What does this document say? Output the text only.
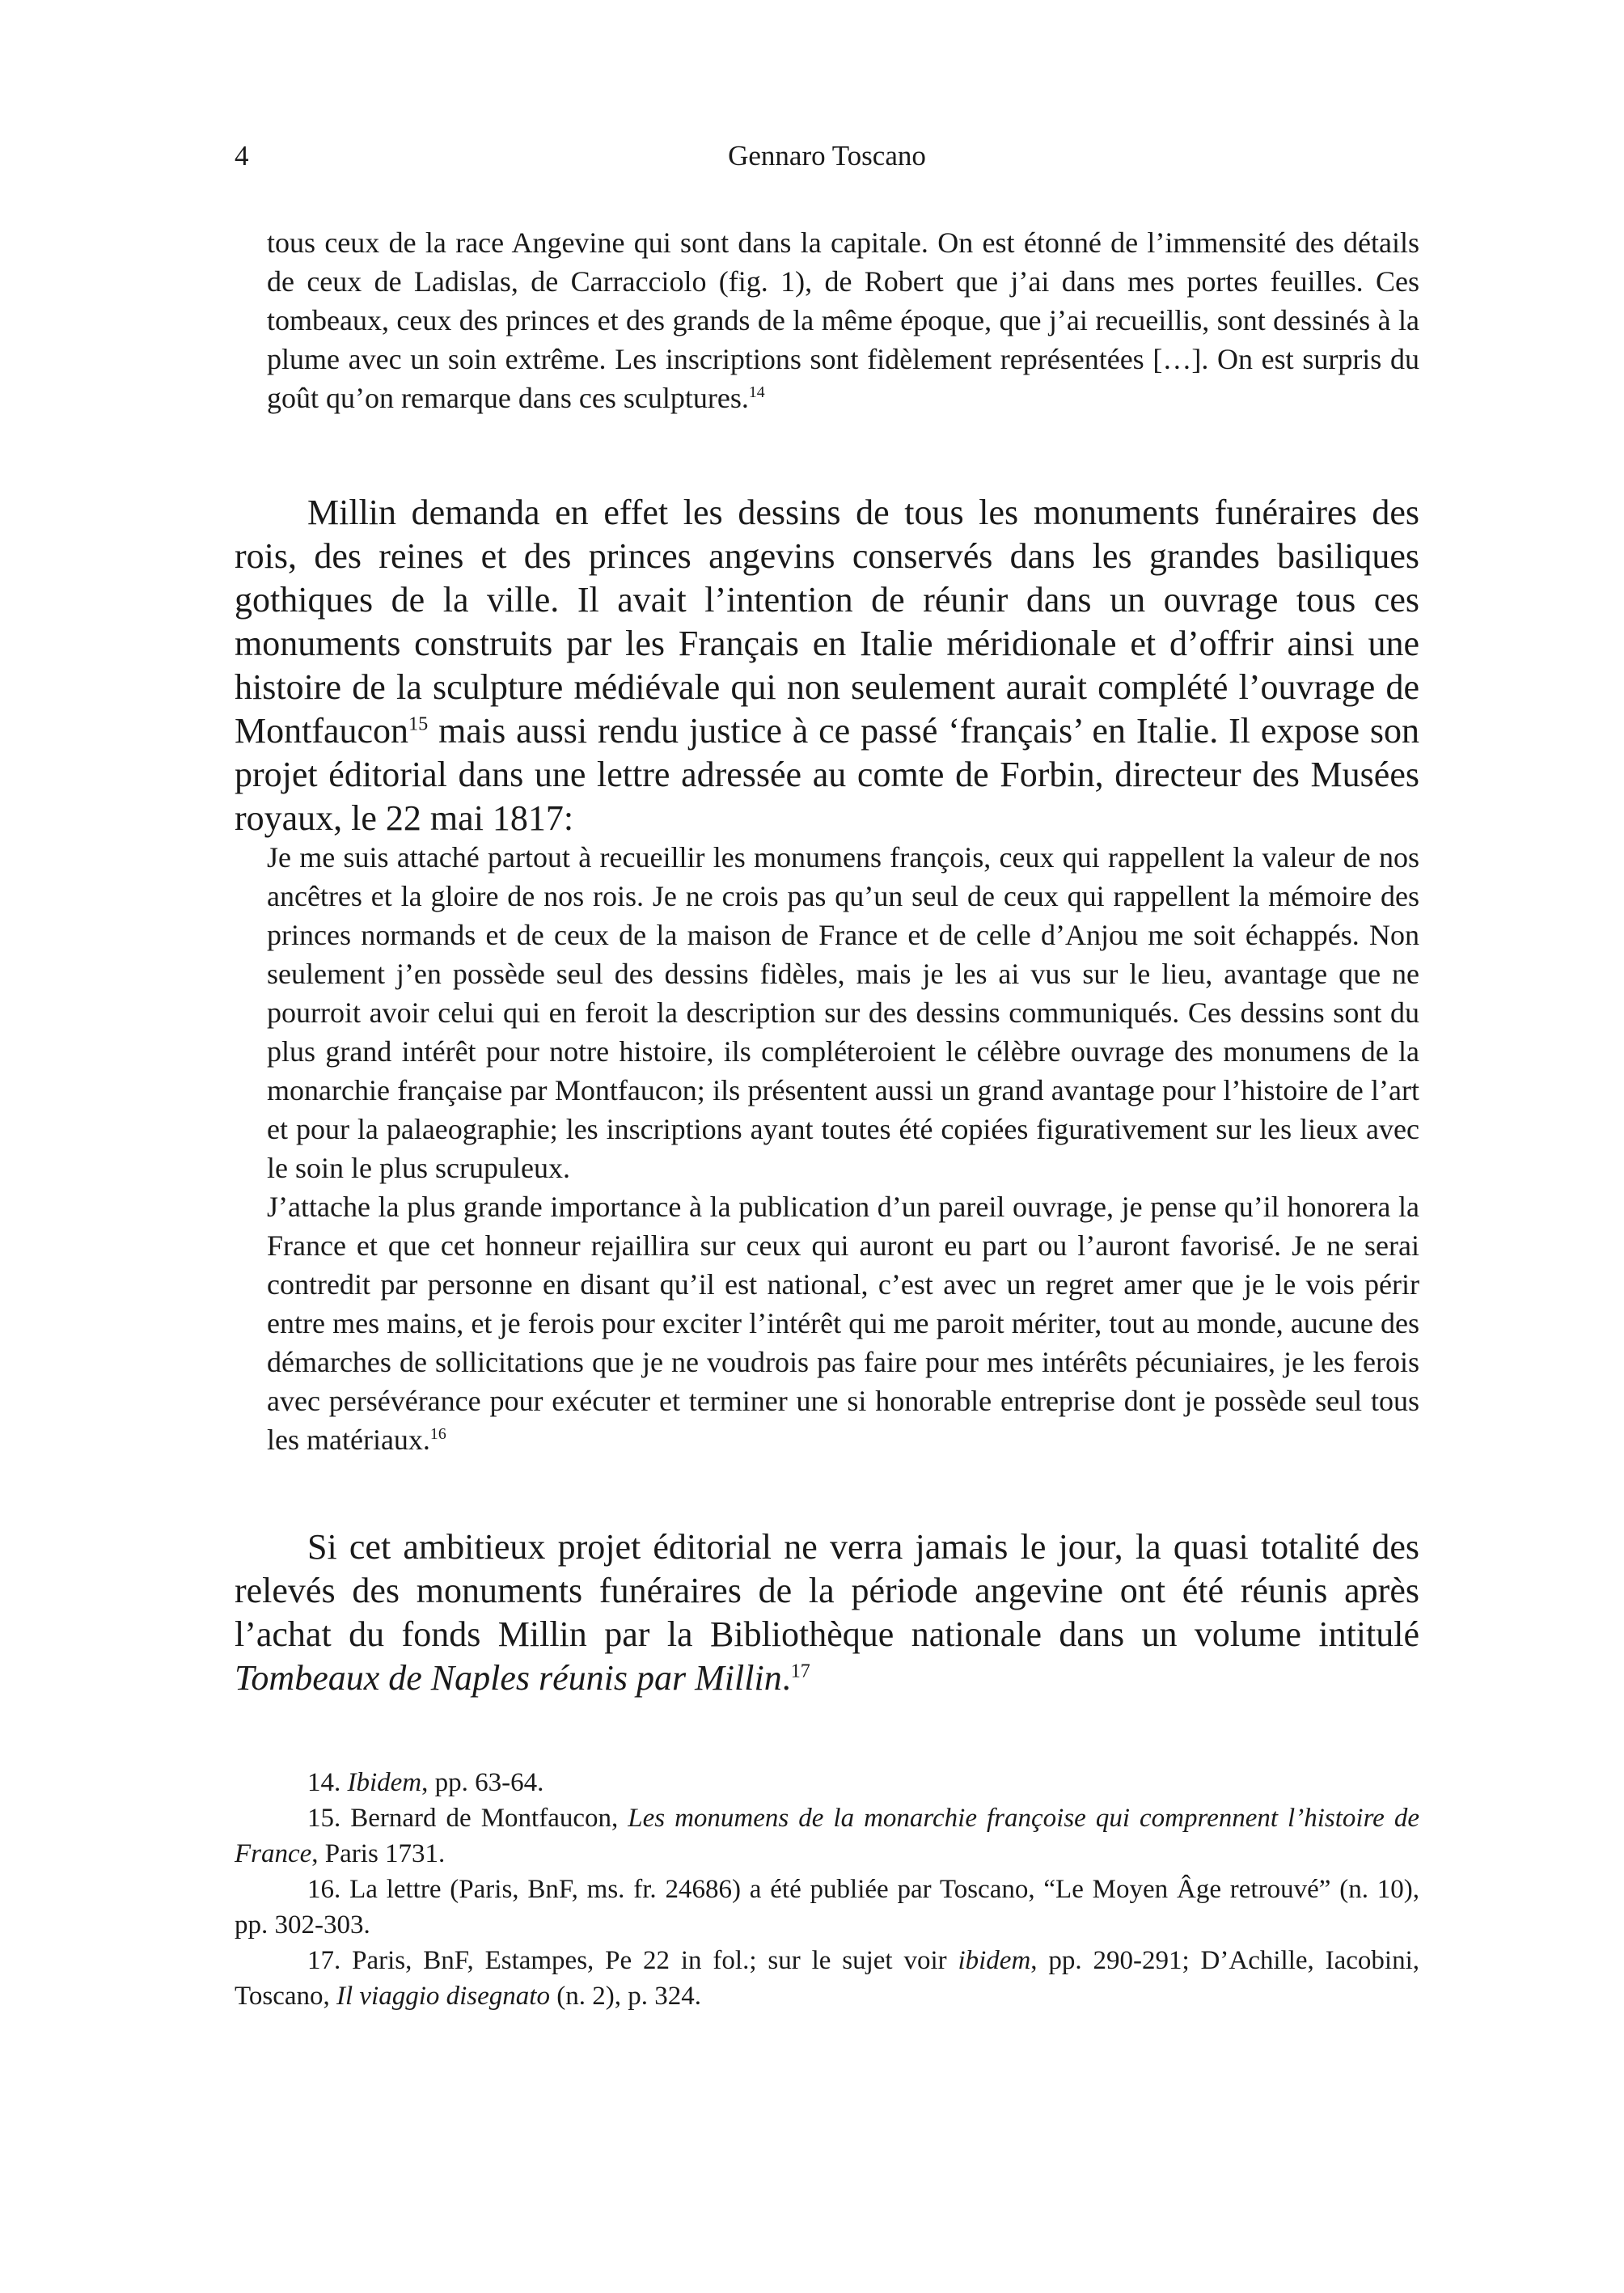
4	Gennaro Toscano

tous ceux de la race Angevine qui sont dans la capitale. On est étonné de l’immensité des détails de ceux de Ladislas, de Carracciolo (fig. 1), de Robert que j’ai dans mes portes feuilles. Ces tombeaux, ceux des princes et des grands de la même époque, que j’ai recueillis, sont dessinés à la plume avec un soin extrême. Les inscriptions sont fidèlement représentées […]. On est surpris du goût qu’on remarque dans ces sculptures.$^{14}$

Millin demanda en effet les dessins de tous les monuments funéraires des rois, des reines et des princes angevins conservés dans les grandes basiliques gothiques de la ville. Il avait l’intention de réunir dans un ouvrage tous ces monuments construits par les Français en Italie méridionale et d’offrir ainsi une histoire de la sculpture médiévale qui non seulement aurait complété l’ouvrage de Montfaucon$^{15}$ mais aussi rendu justice à ce passé ‘français’ en Italie. Il expose son projet éditorial dans une lettre adressée au comte de Forbin, directeur des Musées royaux, le 22 mai 1817:

Je me suis attaché partout à recueillir les monumens françois, ceux qui rappellent la valeur de nos ancêtres et la gloire de nos rois. Je ne crois pas qu’un seul de ceux qui rappellent la mémoire des princes normands et de ceux de la maison de France et de celle d’Anjou me soit échappés. Non seulement j’en possède seul des dessins fidèles, mais je les ai vus sur le lieu, avantage que ne pourroit avoir celui qui en feroit la description sur des dessins communiqués. Ces dessins sont du plus grand intérêt pour notre histoire, ils compléteroient le célèbre ouvrage des monumens de la monarchie française par Montfaucon; ils présentent aussi un grand avantage pour l’histoire de l’art et pour la palaeographie; les inscriptions ayant toutes été copiées figurativement sur les lieux avec le soin le plus scrupuleux.

J’attache la plus grande importance à la publication d’un pareil ouvrage, je pense qu’il honorera la France et que cet honneur rejaillira sur ceux qui auront eu part ou l’auront favorisé. Je ne serai contredit par personne en disant qu’il est national, c’est avec un regret amer que je le vois périr entre mes mains, et je ferois pour exciter l’intérêt qui me paroit mériter, tout au monde, aucune des démarches de sollicitations que je ne voudrois pas faire pour mes intérêts pécuniaires, je les ferois avec persévérance pour exécuter et terminer une si honorable entreprise dont je possède seul tous les matériaux.$^{16}$

Si cet ambitieux projet éditorial ne verra jamais le jour, la quasi totalité des relevés des monuments funéraires de la période angevine ont été réunis après l’achat du fonds Millin par la Bibliothèque nationale dans un volume intitulé Tombeaux de Naples réunis par Millin.$^{17}$

14. Ibidem, pp. 63-64.

15. Bernard de Montfaucon, Les monumens de la monarchie françoise qui comprennent l’histoire de France, Paris 1731.

16. La lettre (Paris, BnF, ms. fr. 24686) a été publiée par Toscano, “Le Moyen Âge retrouvé” (n. 10), pp. 302-303.

17. Paris, BnF, Estampes, Pe 22 in fol.; sur le sujet voir ibidem, pp. 290-291; D’Achille, Iacobini, Toscano, Il viaggio disegnato (n. 2), p. 324.
